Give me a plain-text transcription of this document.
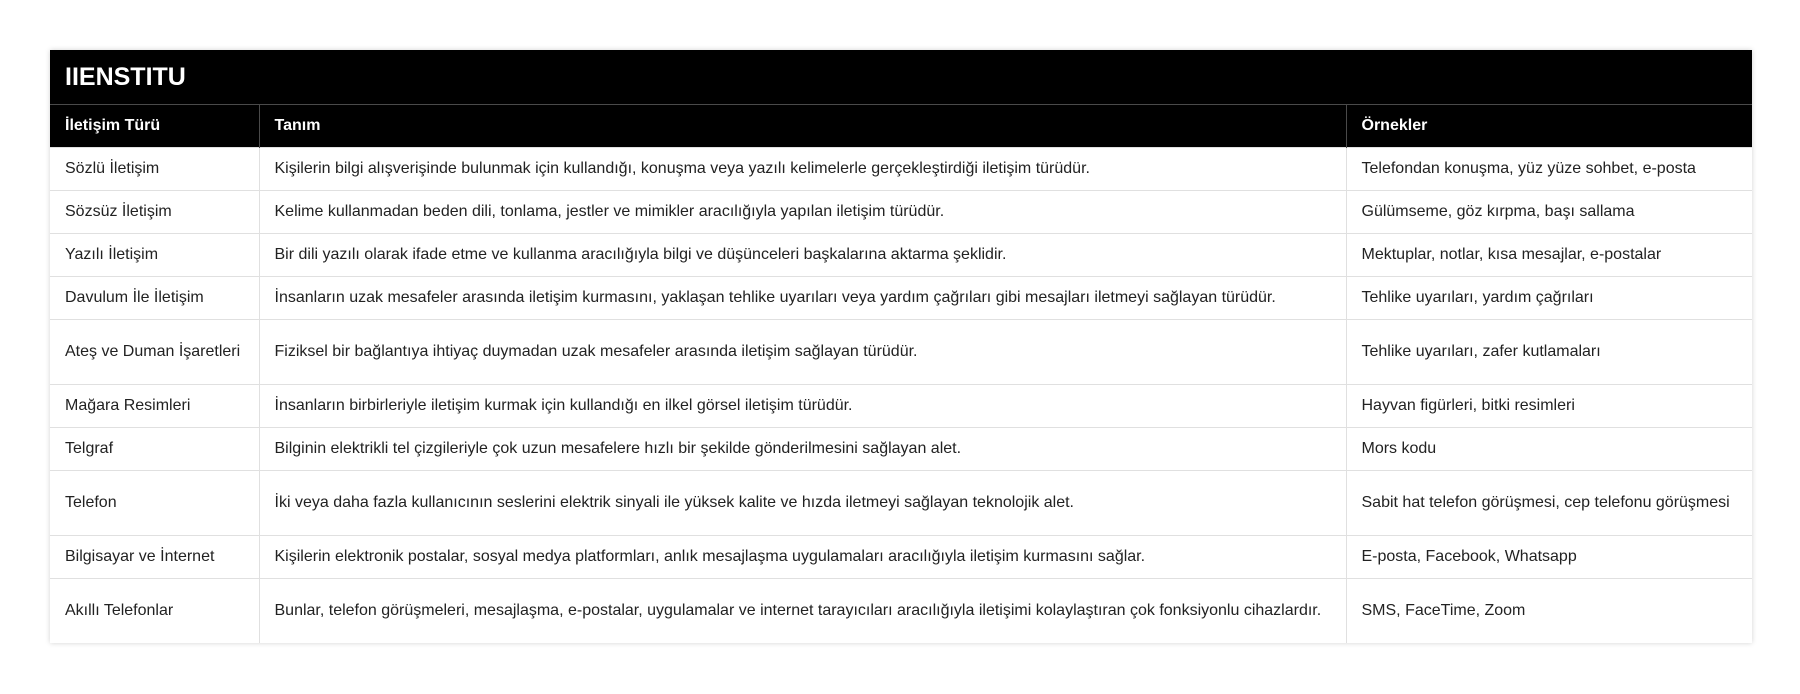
IIENSTITU		
İletişim Türü	Tanım	Örnekler
Sözlü İletişim	Kişilerin bilgi alışverişinde bulunmak için kullandığı, konuşma veya yazılı kelimelerle gerçekleştirdiği iletişim türüdür.	Telefondan konuşma, yüz yüze sohbet, e-posta
Sözsüz İletişim	Kelime kullanmadan beden dili, tonlama, jestler ve mimikler aracılığıyla yapılan iletişim türüdür.	Gülümseme, göz kırpma, başı sallama
Yazılı İletişim	Bir dili yazılı olarak ifade etme ve kullanma aracılığıyla bilgi ve düşünceleri başkalarına aktarma şeklidir.	Mektuplar, notlar, kısa mesajlar, e-postalar
Davulum İle İletişim	İnsanların uzak mesafeler arasında iletişim kurmasını, yaklaşan tehlike uyarıları veya yardım çağrıları gibi mesajları iletmeyi sağlayan türüdür.	Tehlike uyarıları, yardım çağrıları
Ateş ve Duman İşaretleri	Fiziksel bir bağlantıya ihtiyaç duymadan uzak mesafeler arasında iletişim sağlayan türüdür.	Tehlike uyarıları, zafer kutlamaları
Mağara Resimleri	İnsanların birbirleriyle iletişim kurmak için kullandığı en ilkel görsel iletişim türüdür.	Hayvan figürleri, bitki resimleri
Telgraf	Bilginin elektrikli tel çizgileriyle çok uzun mesafelere hızlı bir şekilde gönderilmesini sağlayan alet.	Mors kodu
Telefon	İki veya daha fazla kullanıcının seslerini elektrik sinyali ile yüksek kalite ve hızda iletmeyi sağlayan teknolojik alet.	Sabit hat telefon görüşmesi, cep telefonu görüşmesi
Bilgisayar ve İnternet	Kişilerin elektronik postalar, sosyal medya platformları, anlık mesajlaşma uygulamaları aracılığıyla iletişim kurmasını sağlar.	E-posta, Facebook, Whatsapp
Akıllı Telefonlar	Bunlar, telefon görüşmeleri, mesajlaşma, e-postalar, uygulamalar ve internet tarayıcıları aracılığıyla iletişimi kolaylaştıran çok fonksiyonlu cihazlardır.	SMS, FaceTime, Zoom
